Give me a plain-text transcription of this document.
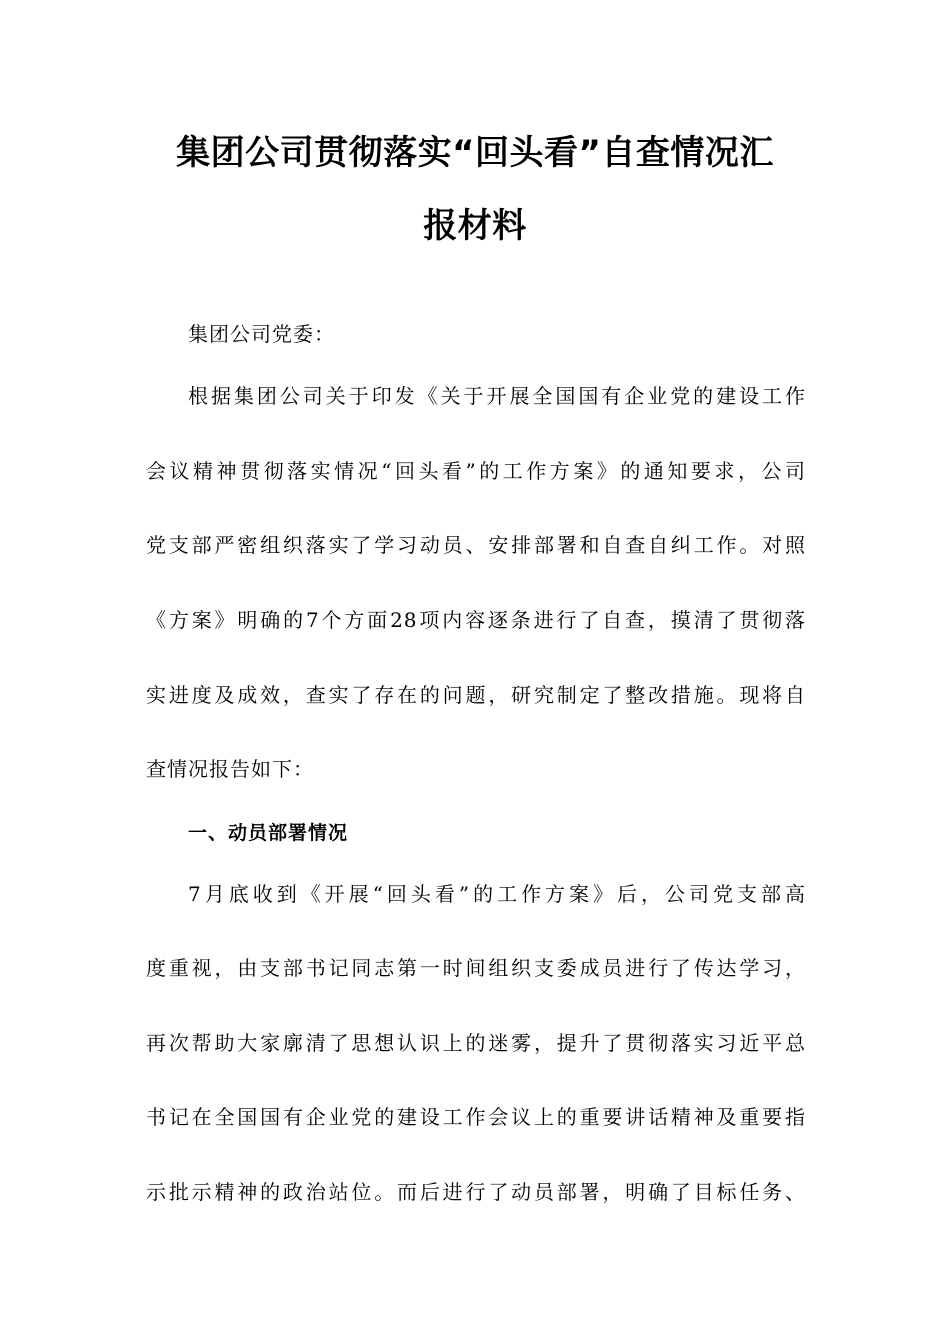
集团公司贯彻落实“回头看”自查情况汇
报材料
集团公司党委：
根据集团公司关于印发《关于开展全国国有企业党的建设工作
会议精神贯彻落实情况“回头看”的工作方案》的通知要求，公司
党支部严密组织落实了学习动员、安排部署和自查自纠工作。对照
《方案》明确的7个方面28项内容逐条进行了自查，摸清了贯彻落
实进度及成效，查实了存在的问题，研究制定了整改措施。现将自
查情况报告如下：
一、动员部署情况
7月底收到《开展“回头看”的工作方案》后，公司党支部高
度重视，由支部书记同志第一时间组织支委成员进行了传达学习，
再次帮助大家廓清了思想认识上的迷雾，提升了贯彻落实习近平总
书记在全国国有企业党的建设工作会议上的重要讲话精神及重要指
示批示精神的政治站位。而后进行了动员部署，明确了目标任务、
